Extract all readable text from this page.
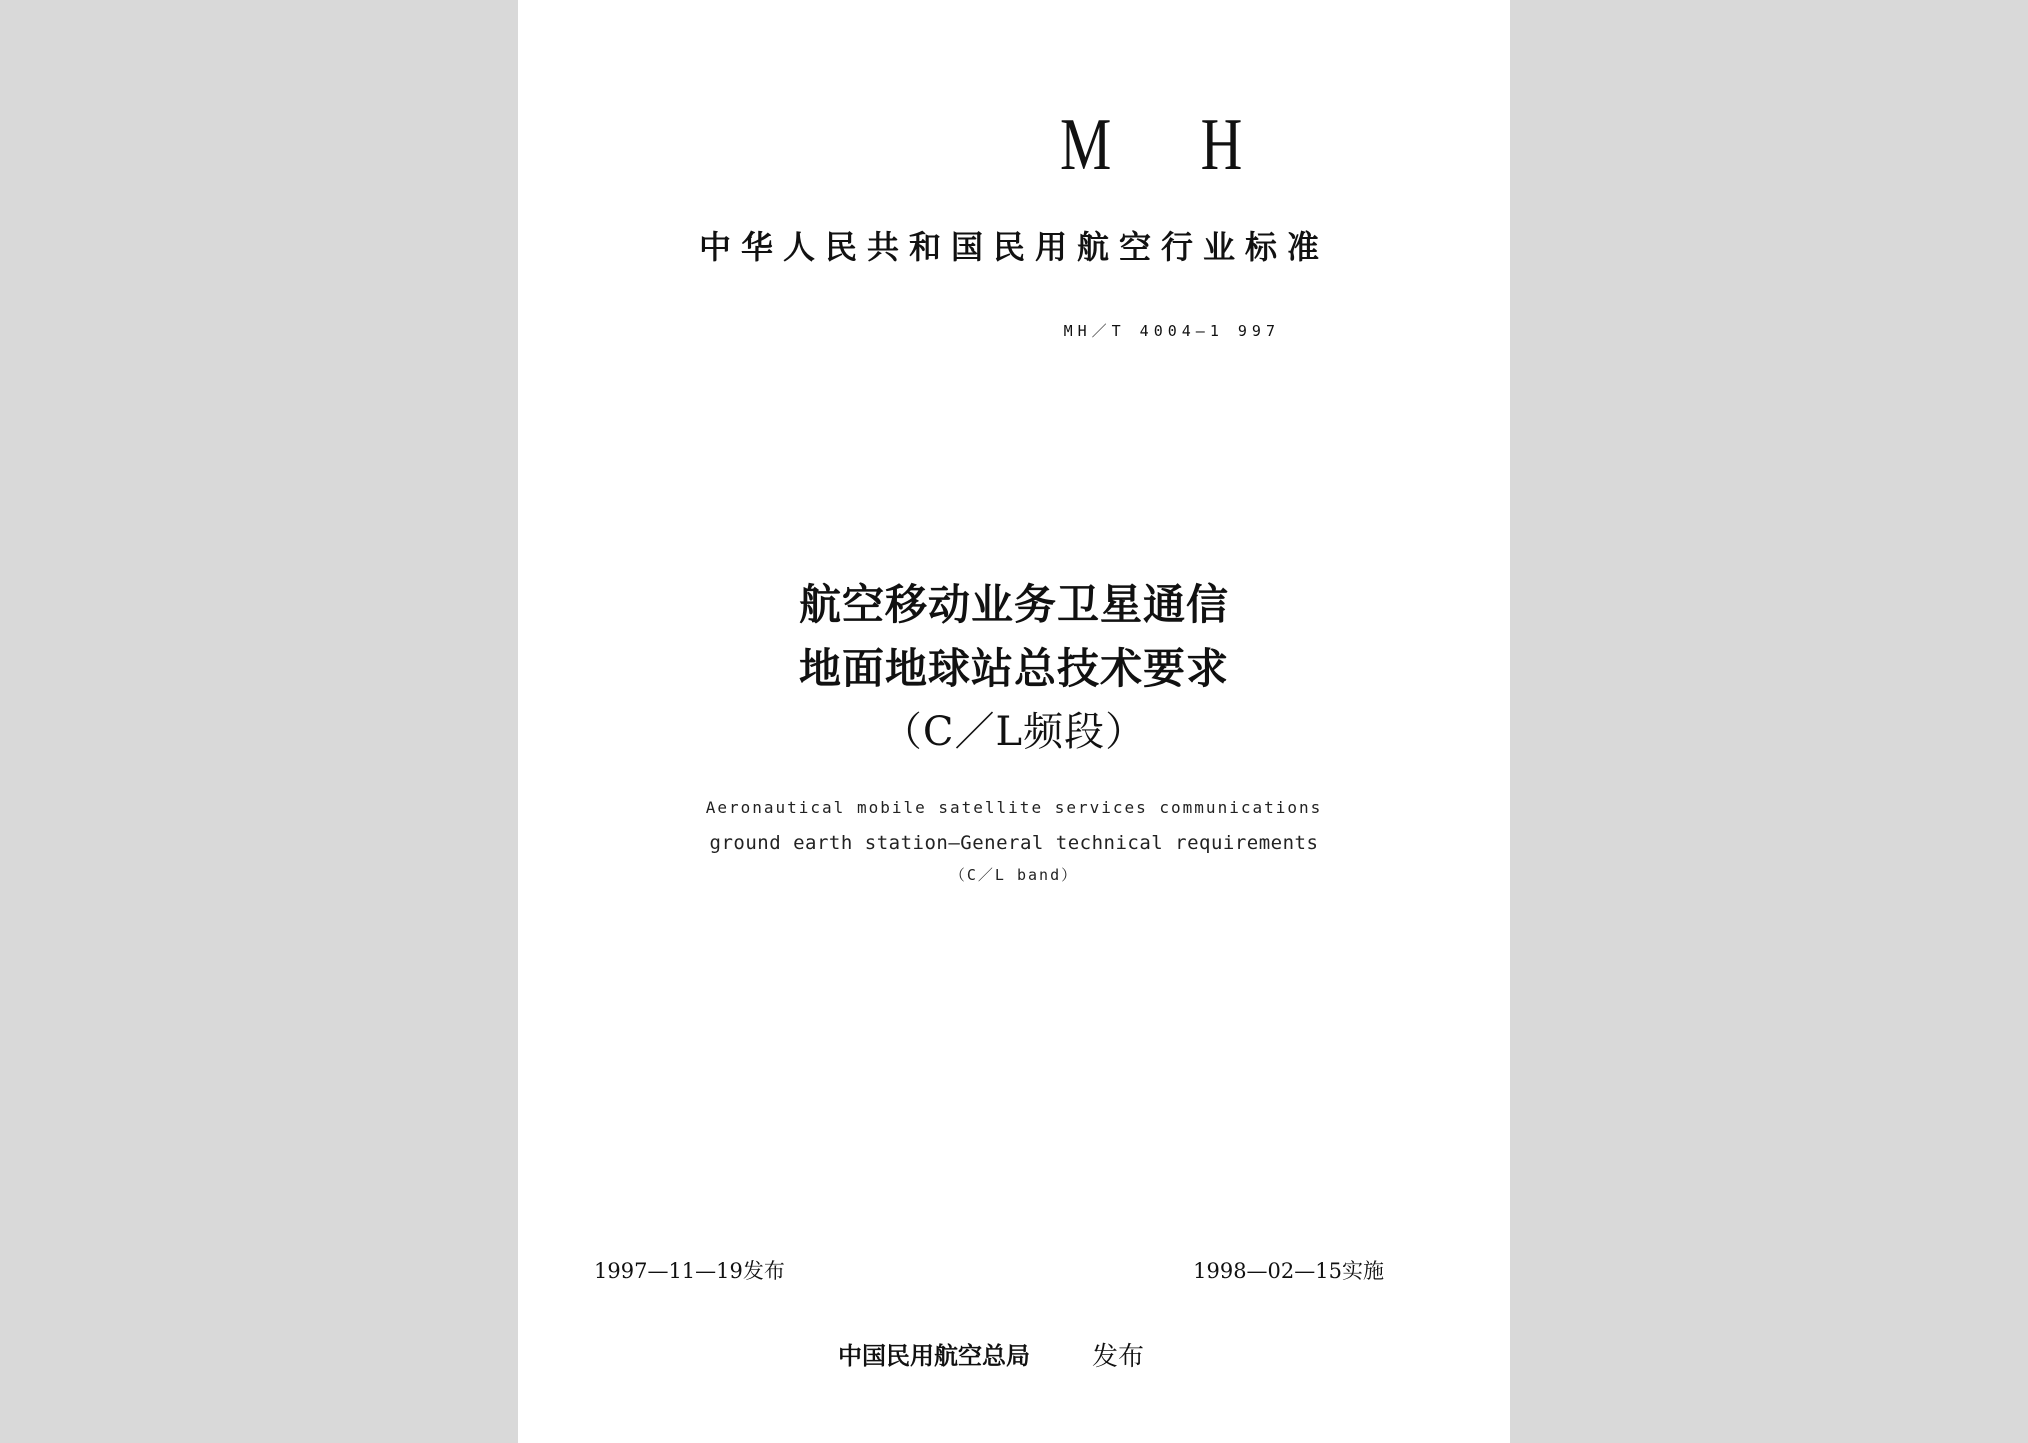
M H
中华人民共和国民用航空行业标准
MH／T 4004—1 997
航空移动业务卫星通信
地面地球站总技术要求
（C／L频段）
Aeronautical mobile satellite services communications
ground earth station—General technical requirements
（C／L band）
1997—11—19发布	1998—02—15实施
中国民用航空总局 发布
